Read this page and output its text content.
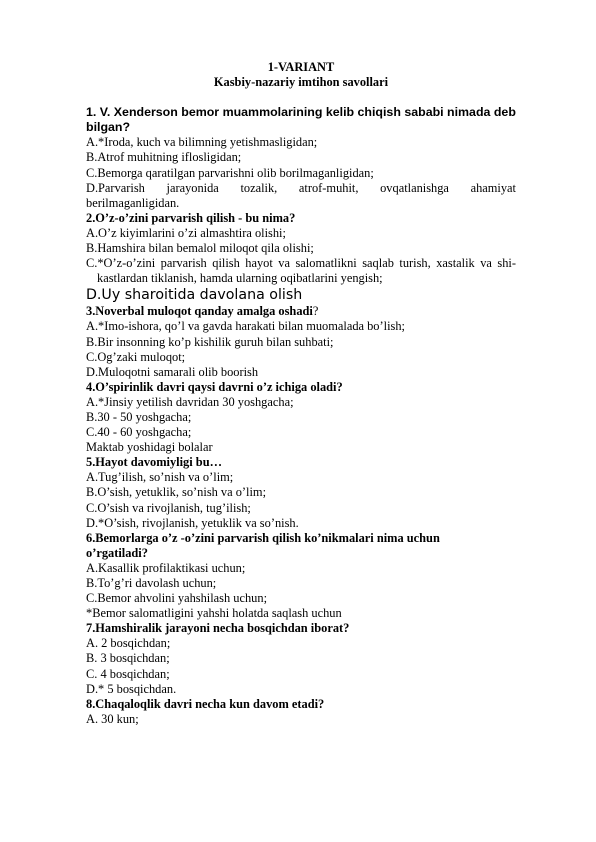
1-VARIANT
Kasbiy-nazariy imtihon savollari
1. V. Xenderson bemor muammolarining kelib chiqish sababi nimada deb bilgan?
A.*Iroda, kuch va bilimning yetishmasligidan;
B.Atrof muhitning iflosligidan;
C.Bemorga qaratilgan parvarishni olib borilmaganligidan;
D.Parvarish jarayonida tozalik, atrof-muhit, ovqatlanishga ahamiyat
berilmaganligidan.
2.O’z-o’zini parvarish qilish - bu nima?
A.O’z kiyimlarini o’zi almashtira olishi;
B.Hamshira bilan bemalol miloqot qila olishi;
C.*O’z-o’zini parvarish qilish hayot va salomatlikni saqlab turish, xastalik va shi-kastlardan tiklanish, hamda ularning oqibatlarini yengish;
D.Uy sharoitida davolana olish
3.Noverbal muloqot qanday amalga oshadi?
A.*Imo-ishora, qo’l va gavda harakati bilan muomalada bo’lish;
B.Bir insonning ko’p kishilik guruh bilan suhbati;
C.Og’zaki muloqot;
D.Muloqotni samarali olib boorish
4.O’spirinlik davri qaysi davrni o’z ichiga oladi?
A.*Jinsiy yetilish davridan 30 yoshgacha;
B.30 - 50 yoshgacha;
C.40 - 60 yoshgacha;
Maktab yoshidagi bolalar
5.Hayot davomiyligi bu…
A.Tug’ilish, so’nish va o’lim;
B.O’sish, yetuklik, so’nish va o’lim;
C.O’sish va rivojlanish, tug’ilish;
D.*O’sish, rivojlanish, yetuklik va so’nish.
6.Bemorlarga o’z -o’zini parvarish qilish ko’nikmalari nima uchun o’rgatiladi?
A.Kasallik profilaktikasi uchun;
B.To’g’ri davolash uchun;
C.Bemor ahvolini yahshilash uchun;
*Bemor salomatligini yahshi holatda saqlash uchun
7.Hamshiralik jarayoni necha bosqichdan iborat?
A. 2 bosqichdan;
B. 3 bosqichdan;
C. 4 bosqichdan;
D.* 5 bosqichdan.
8.Chaqaloqlik davri necha kun davom etadi?
A. 30 kun;
